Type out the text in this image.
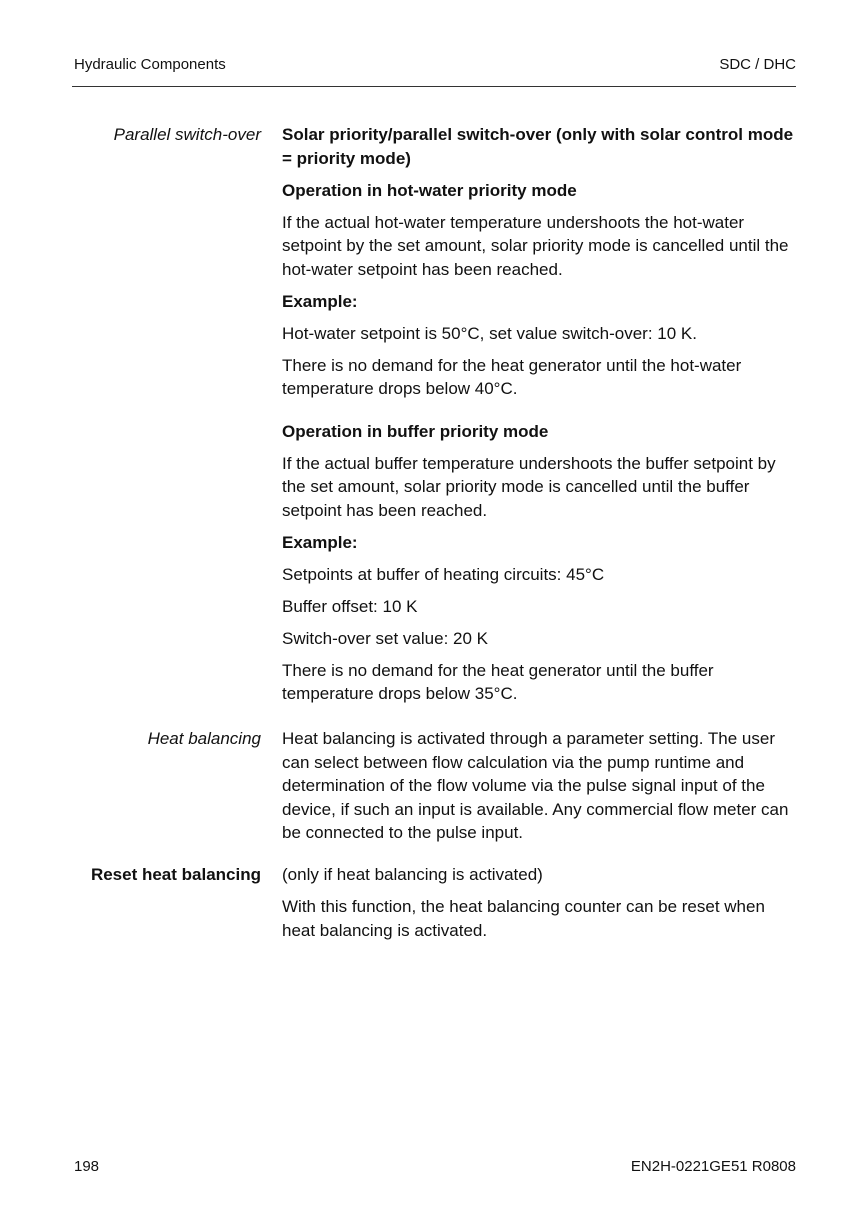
Hydraulic Components	SDC / DHC
Parallel switch-over Solar priority/parallel switch-over (only with solar control mode = priority mode)

Operation in hot-water priority mode

If the actual hot-water temperature undershoots the hot-water setpoint by the set amount, solar priority mode is cancelled until the hot-water setpoint has been reached.

Example:

Hot-water setpoint is 50°C, set value switch-over: 10 K.

There is no demand for the heat generator until the hot-water temperature drops below 40°C.

Operation in buffer priority mode

If the actual buffer temperature undershoots the buffer setpoint by the set amount, solar priority mode is cancelled until the buffer setpoint has been reached.

Example:

Setpoints at buffer of heating circuits: 45°C

Buffer offset: 10 K

Switch-over set value: 20 K

There is no demand for the heat generator until the buffer temperature drops below 35°C.

Heat balancing Heat balancing is activated through a parameter setting. The user can select between flow calculation via the pump runtime and determination of the flow volume via the pulse signal input of the device, if such an input is available. Any commercial flow meter can be connected to the pulse input.

Reset heat balancing (only if heat balancing is activated)

With this function, the heat balancing counter can be reset when heat balancing is activated.

198	EN2H-0221GE51 R0808
